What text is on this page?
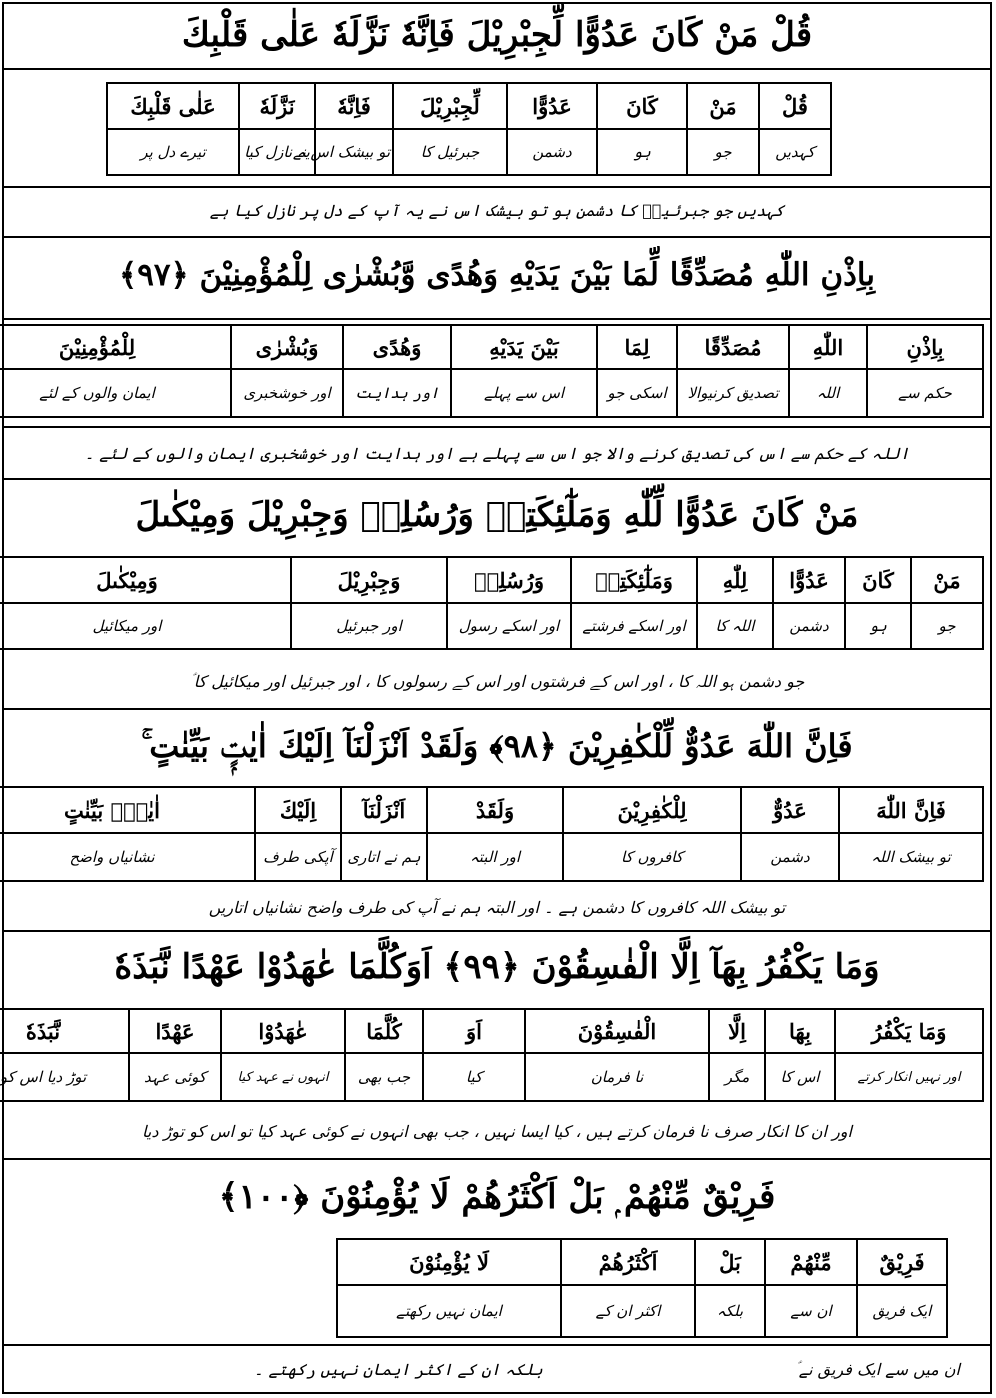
قُلْ مَنْ كَانَ عَدُوًّا لِّجِبْرِيْلَ فَاِنَّهٗ نَزَّلَهٗ عَلٰى قَلْبِكَ
قُلْ	مَنْ	كَانَ	عَدُوًّا	لِّجِبْرِيْلَ	فَاِنَّهٗ	نَزَّلَهٗ	عَلٰى قَلْبِكَ
کہدیں	جو	ہو	دشمن	جبرئیل کا	تو بیشک اس نے	یہ نازل کیا	تیرے دل پر
کہدیں جو جبرئیلؑ کا دشمن ہو تو بیشک اس نے یہ آپ کے دل پر نازل کیا ہے
بِاِذْنِ اللّٰهِ مُصَدِّقًا لِّمَا بَيْنَ يَدَيْهِ وَهُدًى وَّبُشْرٰى لِلْمُؤْمِنِيْنَ ﴿٩٧﴾
بِاِذْنِ	اللّٰهِ	مُصَدِّقًا	لِمَا	بَيْنَ يَدَيْهِ	وَهُدًى	وَبُشْرٰى	لِلْمُؤْمِنِيْنَ
حکم سے	اللہ	تصدیق کرنیوالا	اسکی جو	اس سے پہلے	اور ہدایت	اور خوشخبری	ایمان والوں کے لئے
اللہ کے حکم سے اس کی تصدیق کرنے والا جو اس سے پہلے ہے اور ہدایت اور خوشخبری ایمان والوں کے لئے ۔
مَنْ كَانَ عَدُوًّا لِّلّٰهِ وَمَلٰٓئِكَتِهٖ وَرُسُلِهٖ وَجِبْرِيْلَ وَمِيْكٰىلَ
مَنْ	كَانَ	عَدُوًّا	لِلّٰهِ	وَمَلٰٓئِكَتِهٖ	وَرُسُلِهٖ	وَجِبْرِيْلَ	وَمِيْكٰىلَ
جو	ہو	دشمن	اللہ کا	اور اسکے فرشتے	اور اسکے رسول	اور جبرئیل	اور میکائیل
جو دشمن ہو اللہ کا ، اور اس کے فرشتوں اور اس کے رسولوں کا ، اور جبرئیل اور میکائیل کا ؑ
فَاِنَّ اللّٰهَ عَدُوٌّ لِّلْكٰفِرِيْنَ ﴿٩٨﴾ وَلَقَدْ اَنْزَلْنَآ اِلَيْكَ اٰيٰتٍۭ بَيِّنٰتٍ ۚ
فَاِنَّ اللّٰهَ	عَدُوٌّ	لِلْكٰفِرِيْنَ	وَلَقَدْ	اَنْزَلْنَآ	اِلَيْكَ	اٰيٰتٍۭ بَيِّنٰتٍ
تو بیشک اللہ	دشمن	کافروں کا	اور البتہ	ہم نے اتاری	آپکی طرف	نشانیاں واضح
تو بیشک اللہ کافروں کا دشمن ہے ۔ اور البتہ ہم نے آپ کی طرف واضح نشانیاں اتاریں
وَمَا يَكْفُرُ بِهَآ اِلَّا الْفٰسِقُوْنَ ﴿٩٩﴾ اَوَكُلَّمَا عٰهَدُوْا عَهْدًا نَّبَذَهٗ
وَمَا يَكْفُرُ	بِهَا	اِلَّا	الْفٰسِقُوْنَ	اَوَ	كُلَّمَا	عٰهَدُوْا	عَهْدًا	نَّبَذَهٗ
اور نہیں انکار کرتے	اس کا	مگر	نا فرمان	کیا	جب بھی	انہوں نے عہد کیا	کوئی عہد	توڑ دیا اس کو
اور ان کا انکار صرف نا فرمان کرتے ہیں ، کیا ایسا نہیں ، جب بھی انہوں نے کوئی عہد کیا تو اس کو توڑ دیا
فَرِيْقٌ مِّنْهُمْ ۭ بَلْ اَكْثَرُهُمْ لَا يُؤْمِنُوْنَ ﴿١٠٠﴾
فَرِيْقٌ	مِّنْهُمْ	بَلْ	اَكْثَرُهُمْ	لَا يُؤْمِنُوْنَ
ایک فریق	ان سے	بلکہ	اکثر ان کے	ایمان نہیں رکھتے
ان میں سے ایک فریق نے ؑ
بلکہ ان کے اکثر ایمان نہیں رکھتے ۔
